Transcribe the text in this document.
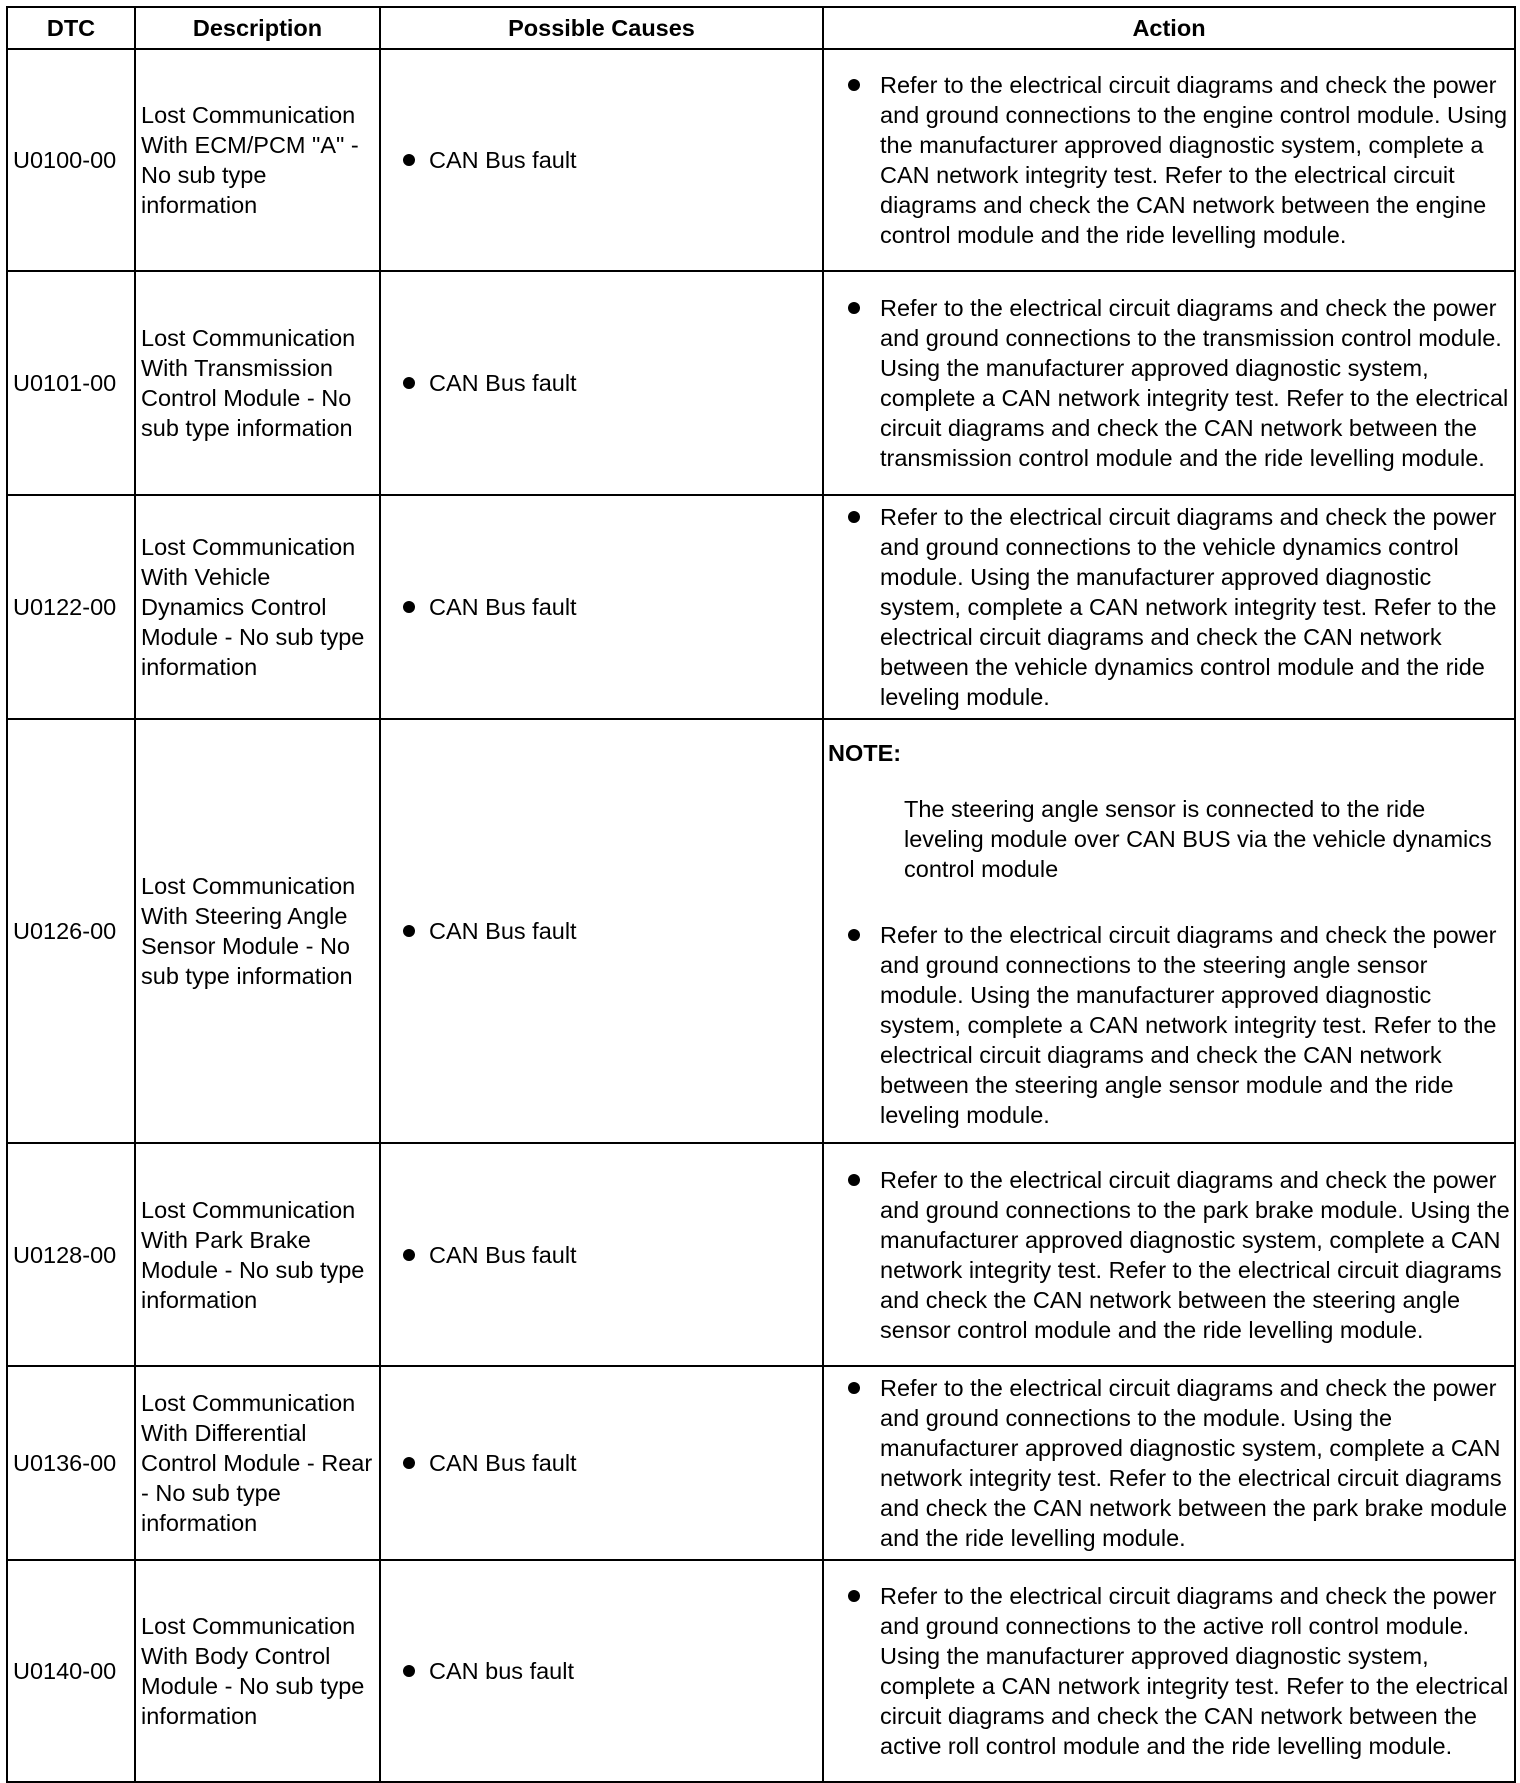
DTC	Description	Possible Causes	Action
U0100-00	Lost Communication With ECM/PCM "A" - No sub type information	CAN Bus fault	Refer to the electrical circuit diagrams and check the power and ground connections to the engine control module. Using the manufacturer approved diagnostic system, complete a CAN network integrity test. Refer to the electrical circuit diagrams and check the CAN network between the engine control module and the ride levelling module.

U0101-00	Lost Communication With Transmission Control Module - No sub type information	CAN Bus fault	Refer to the electrical circuit diagrams and check the power and ground connections to the transmission control module. Using the manufacturer approved diagnostic system, complete a CAN network integrity test. Refer to the electrical circuit diagrams and check the CAN network between the transmission control module and the ride levelling module.

U0122-00	Lost Communication With Vehicle Dynamics Control Module - No sub type information	CAN Bus fault	Refer to the electrical circuit diagrams and check the power and ground connections to the vehicle dynamics control module. Using the manufacturer approved diagnostic system, complete a CAN network integrity test. Refer to the electrical circuit diagrams and check the CAN network between the vehicle dynamics control module and the ride leveling module.

U0126-00	Lost Communication With Steering Angle Sensor Module - No sub type information	CAN Bus fault	NOTE:
The steering angle sensor is connected to the ride leveling module over CAN BUS via the vehicle dynamics control module
Refer to the electrical circuit diagrams and check the power and ground connections to the steering angle sensor module. Using the manufacturer approved diagnostic system, complete a CAN network integrity test. Refer to the electrical circuit diagrams and check the CAN network between the steering angle sensor module and the ride leveling module.

U0128-00	Lost Communication With Park Brake Module - No sub type information	CAN Bus fault	Refer to the electrical circuit diagrams and check the power and ground connections to the park brake module. Using the manufacturer approved diagnostic system, complete a CAN network integrity test. Refer to the electrical circuit diagrams and check the CAN network between the steering angle sensor control module and the ride levelling module.

U0136-00	Lost Communication With Differential Control Module - Rear - No sub type information	CAN Bus fault	Refer to the electrical circuit diagrams and check the power and ground connections to the module. Using the manufacturer approved diagnostic system, complete a CAN network integrity test. Refer to the electrical circuit diagrams and check the CAN network between the park brake module and the ride levelling module.

U0140-00	Lost Communication With Body Control Module - No sub type information	CAN bus fault	Refer to the electrical circuit diagrams and check the power and ground connections to the active roll control module. Using the manufacturer approved diagnostic system, complete a CAN network integrity test. Refer to the electrical circuit diagrams and check the CAN network between the active roll control module and the ride levelling module.
